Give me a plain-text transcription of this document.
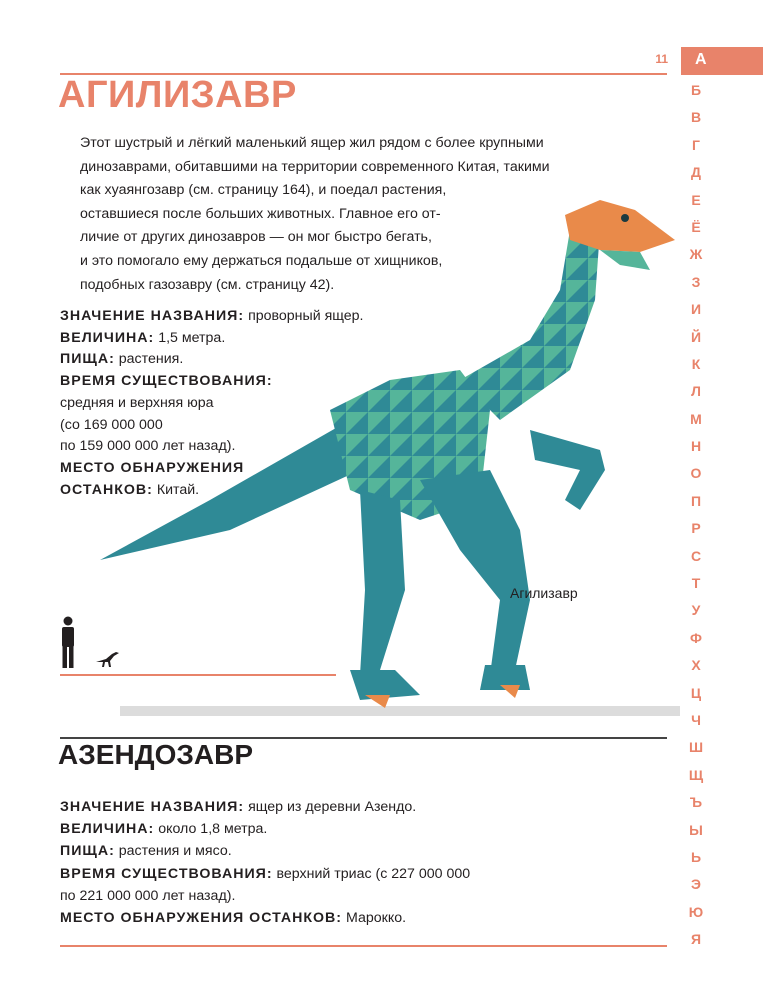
11 А
Б
В
Г
Д
Е
Ё
Ж
З
И
Й
К
Л
М
Н
О
П
Р
С
Т
У
Ф
Х
Ц
Ч
Ш
Щ
Ъ
Ы
Ь
Э
Ю
Я
АГИЛИЗАВР
Этот шустрый и лёгкий маленький ящер жил рядом с более крупными
динозаврами, обитавшими на территории современного Китая, такими
как хуаянгозавр (см. страницу 164), и поедал растения,
оставшиеся после больших животных. Главное его от-
личие от других динозавров — он мог быстро бегать,
и это помогало ему держаться подальше от хищников,
подобных газозавру (см. страницу 42).
ЗНАЧЕНИЕ НАЗВАНИЯ: проворный ящер.
ВЕЛИЧИНА: 1,5 метра.
ПИЩА: растения.
ВРЕМЯ СУЩЕСТВОВАНИЯ:
средняя и верхняя юра
(со 169 000 000
по 159 000 000 лет назад).
МЕСТО ОБНАРУЖЕНИЯ
ОСТАНКОВ: Китай.
Агилизавр
АЗЕНДОЗАВР
ЗНАЧЕНИЕ НАЗВАНИЯ: ящер из деревни Азендо.
ВЕЛИЧИНА: около 1,8 метра.
ПИЩА: растения и мясо.
ВРЕМЯ СУЩЕСТВОВАНИЯ: верхний триас (с 227 000 000
по 221 000 000 лет назад).
МЕСТО ОБНАРУЖЕНИЯ ОСТАНКОВ: Марокко.
